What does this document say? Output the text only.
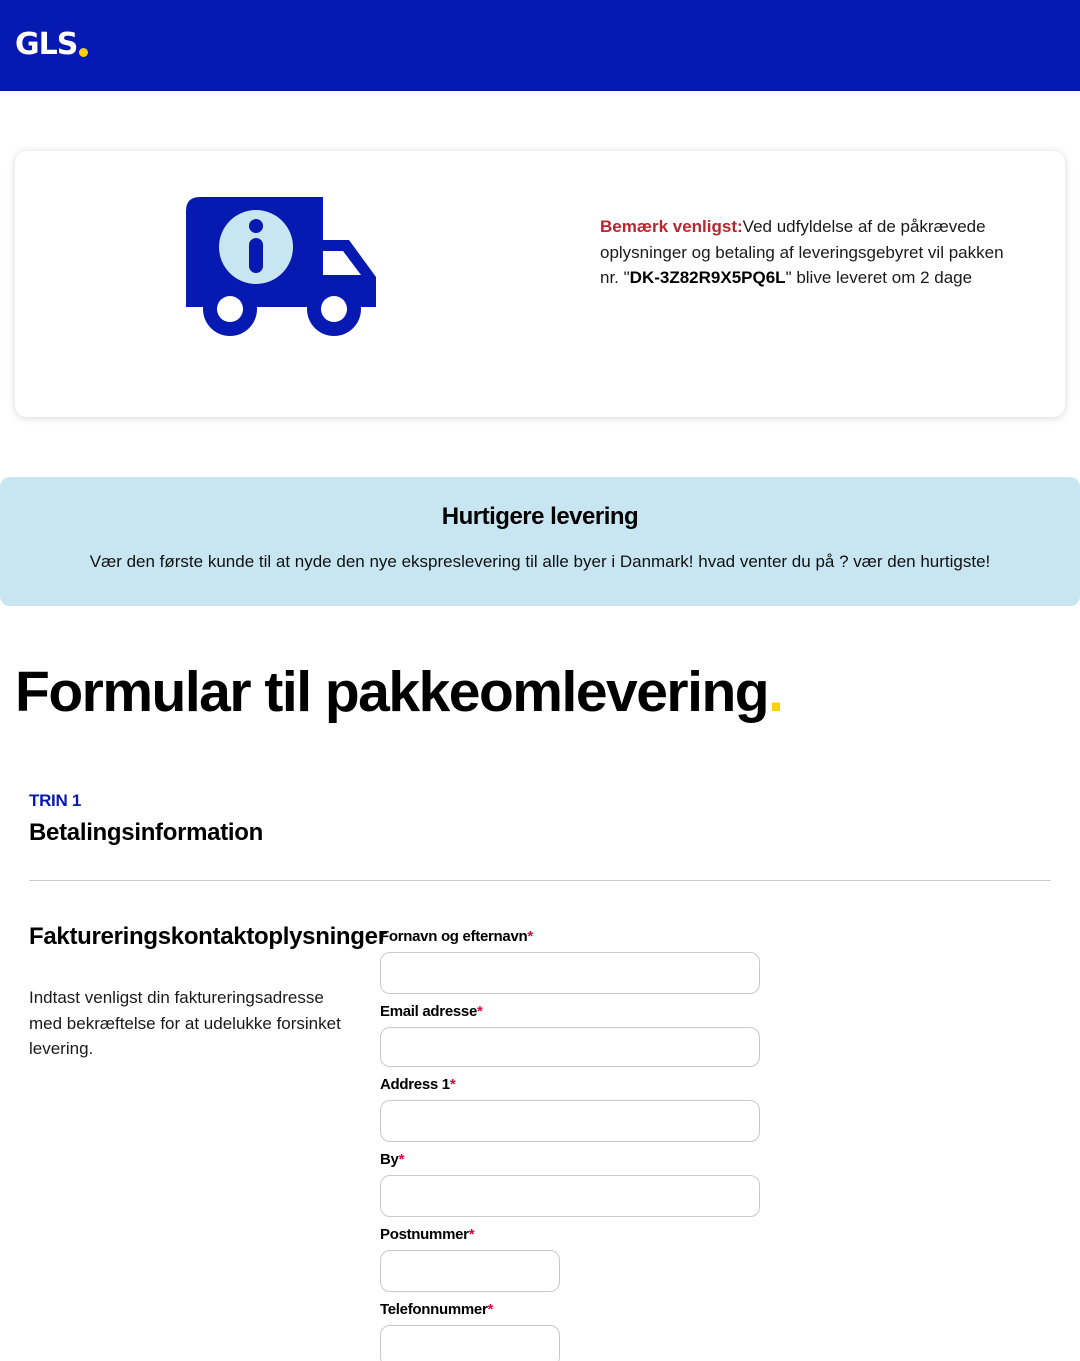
GLS

Bemærk venligst:Ved udfyldelse af de påkrævede oplysninger og betaling af leveringsgebyret vil pakken nr. "DK-3Z82R9X5PQ6L" blive leveret om 2 dage

Hurtigere levering

Vær den første kunde til at nyde den nye ekspreslevering til alle byer i Danmark! hvad venter du på ? vær den hurtigste!

Formular til pakkeomlevering.
TRIN 1
Betalingsinformation
Faktureringskontaktoplysninger

Indtast venligst din faktureringsadresse med bekræftelse for at udelukke forsinket levering.

Fornavn og efternavn*
Email adresse*
Address 1*
By*
Postnummer*
Telefonnummer*
